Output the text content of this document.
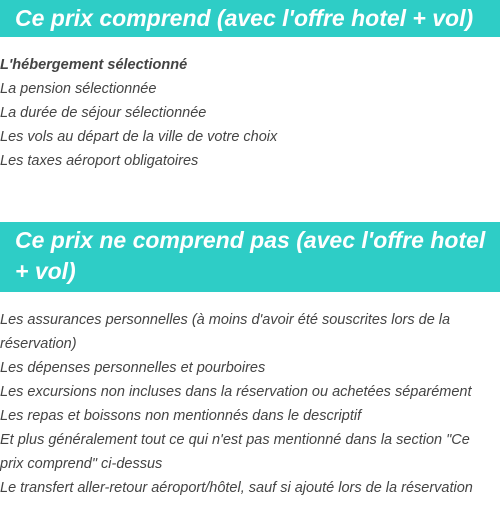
Ce prix comprend (avec l'offre hotel + vol)
L'hébergement sélectionné
La pension sélectionnée
La durée de séjour sélectionnée
Les vols au départ de la ville de votre choix
Les taxes aéroport obligatoires
Ce prix ne comprend pas (avec l'offre hotel + vol)
Les assurances personnelles (à moins d'avoir été souscrites lors de la réservation)
Les dépenses personnelles et pourboires
Les excursions non incluses dans la réservation ou achetées séparément
Les repas et boissons non mentionnés dans le descriptif
Et plus généralement tout ce qui n'est pas mentionné dans la section "Ce prix comprend" ci-dessus
Le transfert aller-retour aéroport/hôtel, sauf si ajouté lors de la réservation
